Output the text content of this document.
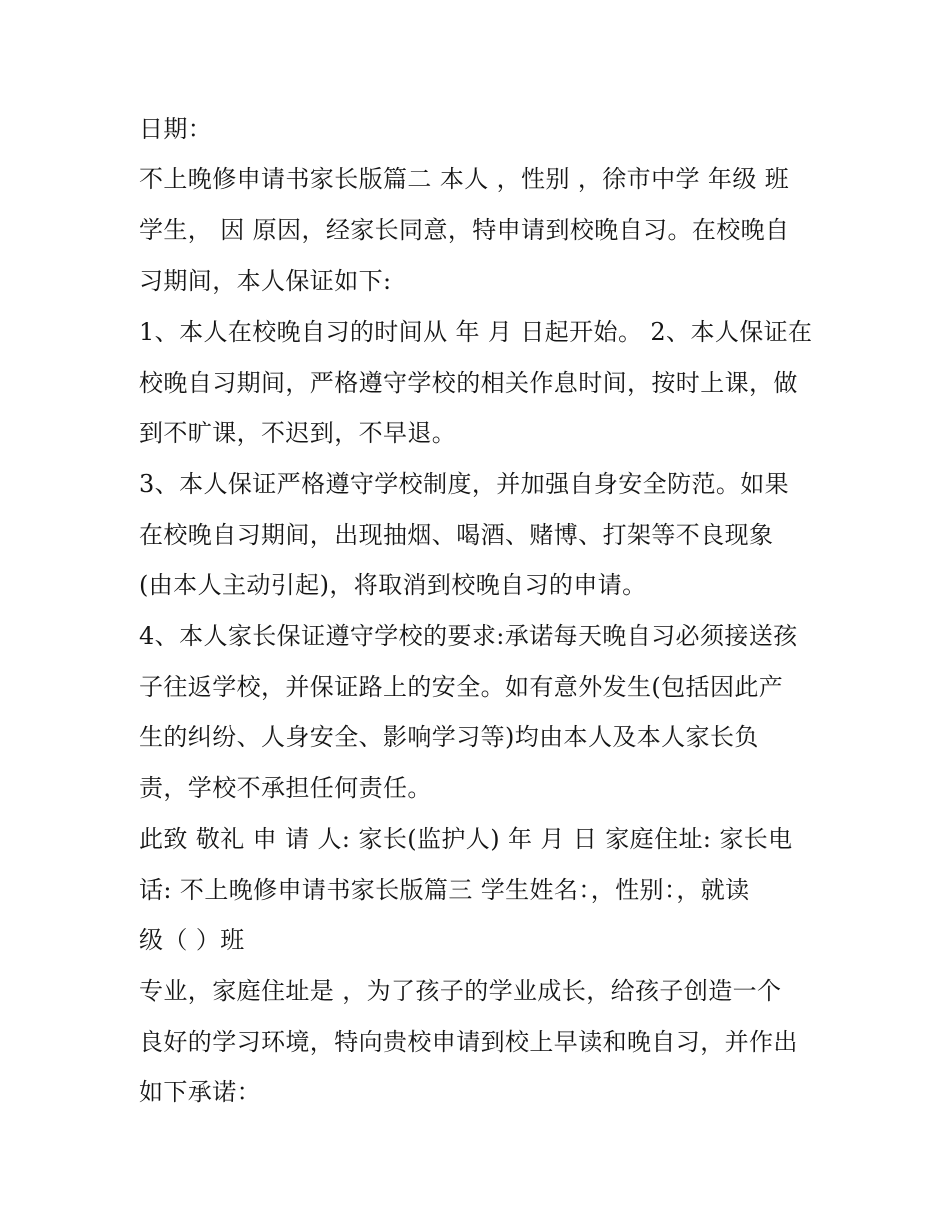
日期：

不上晚修申请书家长版篇二 本人 ，性别 ，徐市中学 年级 班

学生， 因 原因，经家长同意，特申请到校晚自习。在校晚自

习期间，本人保证如下:

1、本人在校晚自习的时间从 年 月 日起开始。 2、本人保证在

校晚自习期间，严格遵守学校的相关作息时间，按时上课，做

到不旷课，不迟到，不早退。

3、本人保证严格遵守学校制度，并加强自身安全防范。如果

在校晚自习期间，出现抽烟、喝酒、赌博、打架等不良现象

(由本人主动引起)，将取消到校晚自习的申请。

4、本人家长保证遵守学校的要求:承诺每天晚自习必须接送孩

子往返学校，并保证路上的安全。如有意外发生(包括因此产

生的纠纷、人身安全、影响学习等)均由本人及本人家长负

责，学校不承担任何责任。

此致 敬礼 申 请 人: 家长(监护人) 年 月 日 家庭住址: 家长电

话: 不上晚修申请书家长版篇三 学生姓名：，性别：，就读

级（ ）班

专业，家庭住址是 ，为了孩子的学业成长，给孩子创造一个

良好的学习环境，特向贵校申请到校上早读和晚自习，并作出

如下承诺：
